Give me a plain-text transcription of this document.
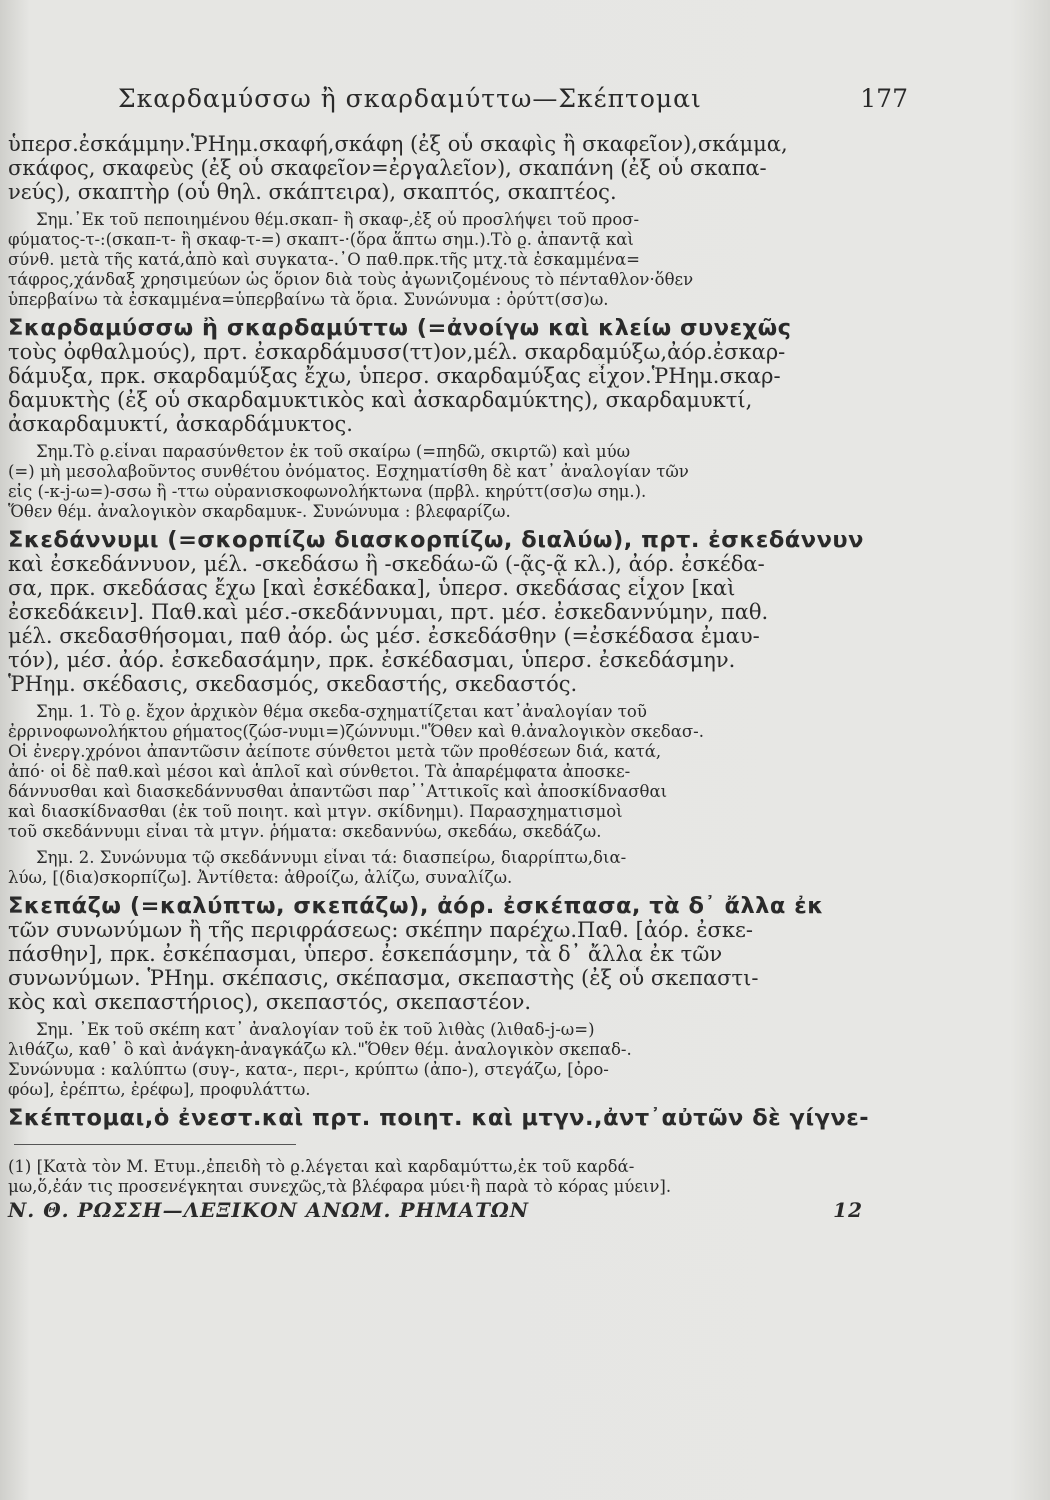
Σκαρδαμύσσω ἢ σκαρδαμύττω—Σκέπτομαι	177
ὑπερσ.ἐσκάμμην.ῬΗημ.σκαφή,σκάφη (ἐξ οὗ σκαφὶς ἢ σκαφεῖον),σκάμμα,
σκάφος, σκαφεὺς (ἐξ οὗ σκαφεῖον=ἐργαλεῖον), σκαπάνη (ἐξ οὗ σκαπα-
νεύς), σκαπτὴρ (οὗ θηλ. σκάπτειρα), σκαπτός, σκαπτέος.
Σημ.᾽Εκ τοῦ πεποιημένου θέμ.σκαπ- ἢ σκαφ-,ἐξ οὗ προσλήψει τοῦ προσ-
φύματος-τ-:(σκαπ-τ- ἢ σκαφ-τ-=) σκαπτ-·(ὅρα ἅπτω σημ.).Τὸ ϱ. ἀπαντᾷ καὶ
σύνθ. μετὰ τῆς κατά,ἀπὸ καὶ συγκατα-.᾽Ο παθ.πρκ.τῆς μτχ.τὰ ἐσκαμμένα=
τάφρος,χάνδαξ χρησιμεύων ὡς ὅριον διὰ τοὺς ἀγωνιζομένους τὸ πένταθλον·ὅθεν
ὑπερβαίνω τὰ ἐσκαμμένα=ὑπερβαίνω τὰ ὅρια. Συνώνυμα : ὀρύττ(σσ)ω.
Σκαρδαμύσσω ἢ σκαρδαμύττω (=ἀνοίγω καὶ κλείω συνεχῶς
τοὺς ὀφθαλμούς), πρτ. ἐσκαρδάμυσσ(ττ)ον,μέλ. σκαρδαμύξω,ἀόρ.ἐσκαρ-
δάμυξα, πρκ. σκαρδαμύξας ἔχω, ὑπερσ. σκαρδαμύξας εἶχον.ῬΗημ.σκαρ-
δαμυκτὴς (ἐξ οὗ σκαρδαμυκτικὸς καὶ ἀσκαρδαμύκτης), σκαρδαμυκτί,
ἀσκαρδαμυκτί, ἀσκαρδάμυκτος.
Σημ.Τὸ ϱ.εἶναι παρασύνθετον ἐκ τοῦ σκαίρω (=πηδῶ, σκιρτῶ) καὶ μύω
(=) μὴ μεσολαβοῦντος συνθέτου ὀνόματος. Εσχηματίσθη δὲ κατ᾽ ἀναλογίαν τῶν
εἰς (-κ-j-ω=)-σσω ἢ -ττω οὐρανισκοφωνολήκτωνα (πρβλ. κηρύττ(σσ)ω σημ.).
Ὅθεν θέμ. ἀναλογικὸν σκαρδαμυκ-. Συνώνυμα : βλεφαρίζω.
Σκεδάννυμι (=σκορπίζω διασκορπίζω, διαλύω), πρτ. ἐσκεδάννυν
καὶ ἐσκεδάννυον, μέλ. -σκεδάσω ἢ -σκεδάω-ῶ (-ᾷς-ᾷ κλ.), ἀόρ. ἐσκέδα-
σα, πρκ. σκεδάσας ἔχω [καὶ ἐσκέδακα], ὑπερσ. σκεδάσας εἶχον [καὶ
ἐσκεδάκειν]. Παθ.καὶ μέσ.-σκεδάννυμαι, πρτ. μέσ. ἐσκεδαννύμην, παθ.
μέλ. σκεδασθήσομαι, παθ ἀόρ. ὡς μέσ. ἐσκεδάσθην (=ἐσκέδασα ἐμαυ-
τόν), μέσ. ἀόρ. ἐσκεδασάμην, πρκ. ἐσκέδασμαι, ὑπερσ. ἐσκεδάσμην.
ῬΗημ. σκέδασις, σκεδασμός, σκεδαστής, σκεδαστός.
Σημ. 1. Τὸ ϱ. ἔχον ἀρχικὸν θέμα σκεδα-σχηματίζεται κατ᾽ἀναλογίαν τοῦ
ἐρρινοφωνολήκτου ϱήματος(ζώσ-νυμι=)ζώννυμι."Ὅθεν καὶ θ.ἀναλογικὸν σκεδασ-.
Οἱ ἐνεργ.χρόνοι ἀπαντῶσιν ἀείποτε σύνθετοι μετὰ τῶν προθέσεων διά, κατά,
ἀπό· οἱ δὲ παθ.καὶ μέσοι καὶ ἁπλοῖ καὶ σύνθετοι. Τὰ ἀπαρέμφατα ἀποσκε-
δάννυσθαι καὶ διασκεδάννυσθαι ἀπαντῶσι παρ᾽᾽Αττικοῖς καὶ ἀποσκίδνασθαι
καὶ διασκίδνασθαι (ἐκ τοῦ ποιητ. καὶ μτγν. σκίδνημι). Παρασχηματισμοὶ
τοῦ σκεδάννυμι εἶναι τὰ μτγν. ῥήματα: σκεδαννύω, σκεδάω, σκεδάζω.
Σημ. 2. Συνώνυμα τῷ σκεδάννυμι εἶναι τά: διασπείρω, διαρρίπτω,δια-
λύω, [(δια)σκορπίζω]. Ἀντίθετα: ἀθροίζω, ἀλίζω, συναλίζω.
Σκεπάζω (=καλύπτω, σκεπάζω), ἀόρ. ἐσκέπασα, τὰ δ᾽ ἄλλα ἐκ
τῶν συνωνύμων ἢ τῆς περιφράσεως: σκέπην παρέχω.Παθ. [ἀόρ. ἐσκε-
πάσθην], πρκ. ἐσκέπασμαι, ὑπερσ. ἐσκεπάσμην, τὰ δ᾽ ἄλλα ἐκ τῶν
συνωνύμων. ῬΗημ. σκέπασις, σκέπασμα, σκεπαστὴς (ἐξ οὗ σκεπαστι-
κὸς καὶ σκεπαστήριος), σκεπαστός, σκεπαστέον.
Σημ. ᾽Εκ τοῦ σκέπη κατ᾽ ἀναλογίαν τοῦ ἐκ τοῦ λιθὰς (λιθαδ-j-ω=)
λιθάζω, καθ᾽ ὃ καὶ ἀνάγκη-ἀναγκάζω κλ."Ὅθεν θέμ. ἀναλογικὸν σκεπαδ-.
Συνώνυμα : καλύπτω (συγ-, κατα-, περι-, κρύπτω (ἀπο-), στεγάζω, [ὀρο-
φόω], ἐρέπτω, ἐρέφω], προφυλάττω.
Σκέπτομαι,ὁ ἐνεστ.καὶ πρτ. ποιητ. καὶ μτγν.,ἀντ᾽αὐτῶν δὲ γίγνε-
(1) [Κατὰ τὸν Μ. Ετυμ.,ἐπειδὴ τὸ ϱ.λέγεται καὶ καρδαμύττω,ἐκ τοῦ καρδά-
μω,ὅ,ἐάν τις προσενέγκηται συνεχῶς,τὰ βλέφαρα μύει·ἢ παρὰ τὸ κόρας μύειν].
Ν. Θ. ΡΩΣΣΗ—ΛΕΞΙΚΟΝ ΑΝΩΜ. ΡΗΜΑΤΩΝ	12
